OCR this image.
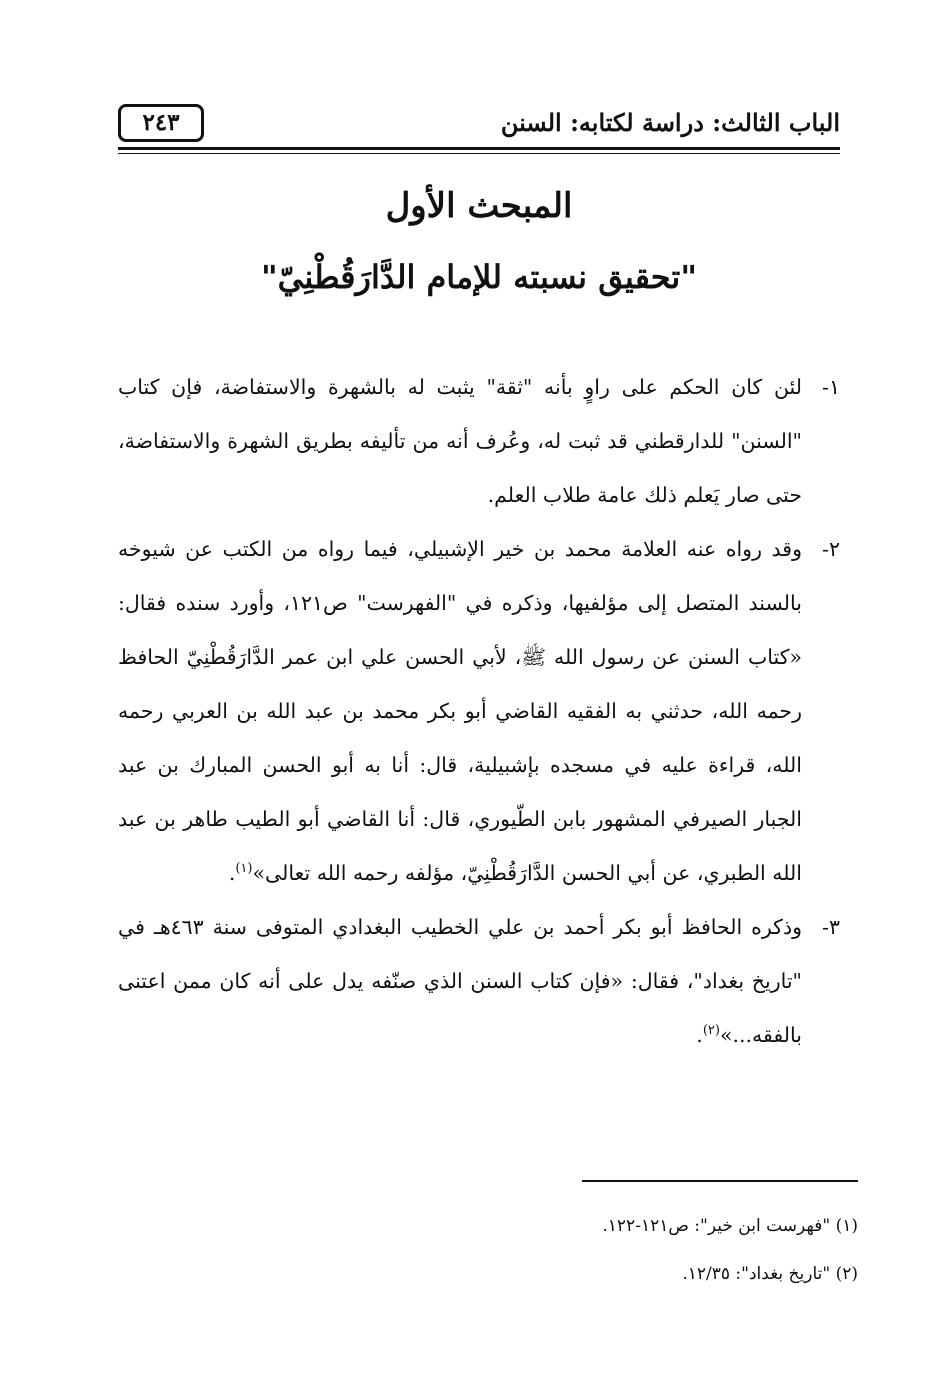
الباب الثالث: دراسة لكتابه: السنن
٢٤٣
المبحث الأول
"تحقيق نسبته للإمام الدَّارَقُطْنِيّ"

١-
لئن كان الحكم على راوٍ بأنه "ثقة" يثبت له بالشهرة والاستفاضة، فإن كتاب "السنن" للدارقطني قد ثبت له، وعُرف أنه من تأليفه بطريق الشهرة والاستفاضة، حتى صار يَعلم ذلك عامة طلاب العلم.

٢-
وقد رواه عنه العلامة محمد بن خير الإشبيلي، فيما رواه من الكتب عن شيوخه بالسند المتصل إلى مؤلفيها، وذكره في "الفهرست" ص١٢١، وأورد سنده فقال: «كتاب السنن عن رسول الله ﷺ، لأبي الحسن علي ابن عمر الدَّارَقُطْنِيّ الحافظ رحمه الله، حدثني به الفقيه القاضي أبو بكر محمد بن عبد الله بن العربي رحمه الله، قراءة عليه في مسجده بإشبيلية، قال: أنا به أبو الحسن المبارك بن عبد الجبار الصيرفي المشهور بابن الطّيوري، قال: أنا القاضي أبو الطيب طاهر بن عبد الله الطبري، عن أبي الحسن الدَّارَقُطْنِيّ، مؤلفه رحمه الله تعالى»$^{(١)}$.

٣-
وذكره الحافظ أبو بكر أحمد بن علي الخطيب البغدادي المتوفى سنة ٤٦٣هـ في "تاريخ بغداد"، فقال: «فإن كتاب السنن الذي صنّفه يدل على أنه كان ممن اعتنى بالفقه...»$^{(٢)}$.

(١) "فهرست ابن خير": ص١٢١-١٢٢.

(٢) "تاريخ بغداد": ١٢/٣٥.
